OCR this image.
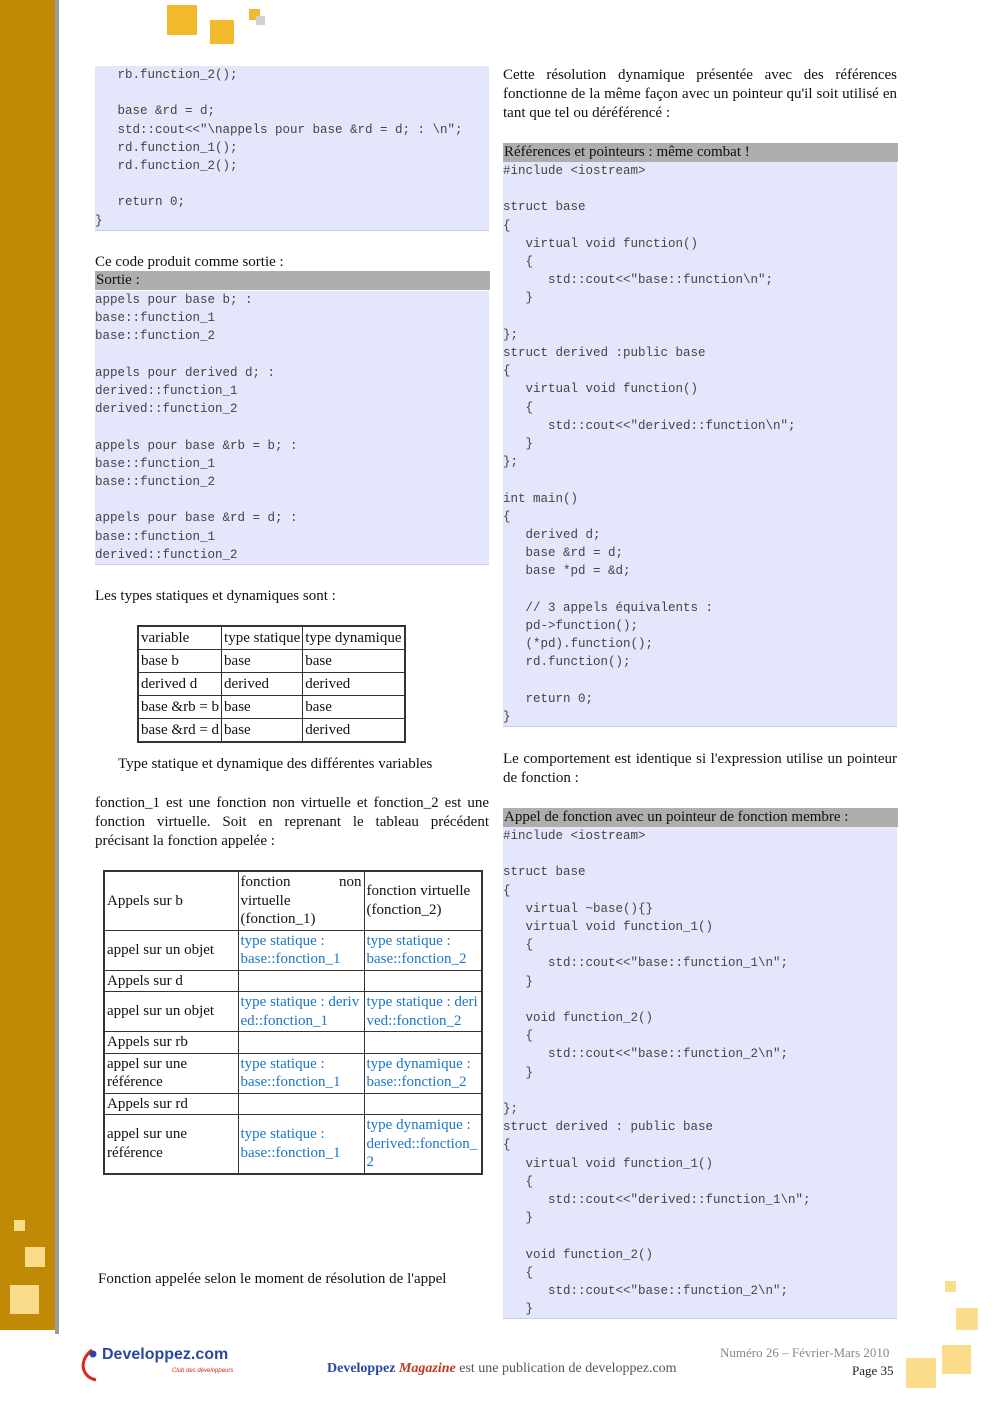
rb.function_2();

base &rd = d;
std::cout<<"\nappels pour base &rd = d; : \n";
rd.function_1();
rd.function_2();

return 0;
}
Ce code produit comme sortie :
Sortie :
appels pour base b; :
base::function_1
base::function_2

appels pour derived d; :
derived::function_1
derived::function_2

appels pour base &rb = b; :
base::function_1
base::function_2

appels pour base &rd = d; :
base::function_1
derived::function_2
Les types statiques et dynamiques sont :
variable	type statique	type dynamique
base b	base	base
derived d	derived	derived
base &rb = b	base	base
base &rd = d	base	derived
Type statique et dynamique des différentes variables

fonction_1 est une fonction non virtuelle et fonction_2 est une fonction virtuelle. Soit en reprenant le tableau précédent précisant la fonction appelée :

Appels sur b	fonction non virtuelle (fonction_1)	fonction virtuelle (fonction_2)
appel sur un objet	type statique : base::fonction_1	type statique : base::fonction_2
Appels sur d		
appel sur un objet	type statique : derived::fonction_1	type statique : derived::fonction_2
Appels sur rb		
appel sur une référence	type statique : base::fonction_1	type dynamique : base::fonction_2
Appels sur rd		
appel sur une référence	type statique : base::fonction_1	type dynamique : derived::fonction_2
Fonction appelée selon le moment de résolution de l'appel

Cette résolution dynamique présentée avec des références fonctionne de la même façon avec un pointeur qu'il soit utilisé en tant que tel ou déréférencé :

Références et pointeurs : même combat !
#include <iostream>

struct base
{
virtual void function()
{
std::cout<<"base::function\n";
}

};
struct derived :public base
{
virtual void function()
{
std::cout<<"derived::function\n";
}
};

int main()
{
derived d;
base &rd = d;
base *pd = &d;

// 3 appels équivalents :
pd->function();
(*pd).function();
rd.function();

return 0;
}

Le comportement est identique si l'expression utilise un pointeur de fonction :

Appel de fonction avec un pointeur de fonction membre :
#include <iostream>

struct base
{
virtual ~base(){}
virtual void function_1()
{
std::cout<<"base::function_1\n";
}

void function_2()
{
std::cout<<"base::function_2\n";
}

};
struct derived : public base
{
virtual void function_1()
{
std::cout<<"derived::function_1\n";
}

void function_2()
{
std::cout<<"base::function_2\n";
}
Developpez.com
Club des développeurs	Developpez Magazine est une publication de developpez.com
Numéro 26 – Février-Mars 2010
Page 35
